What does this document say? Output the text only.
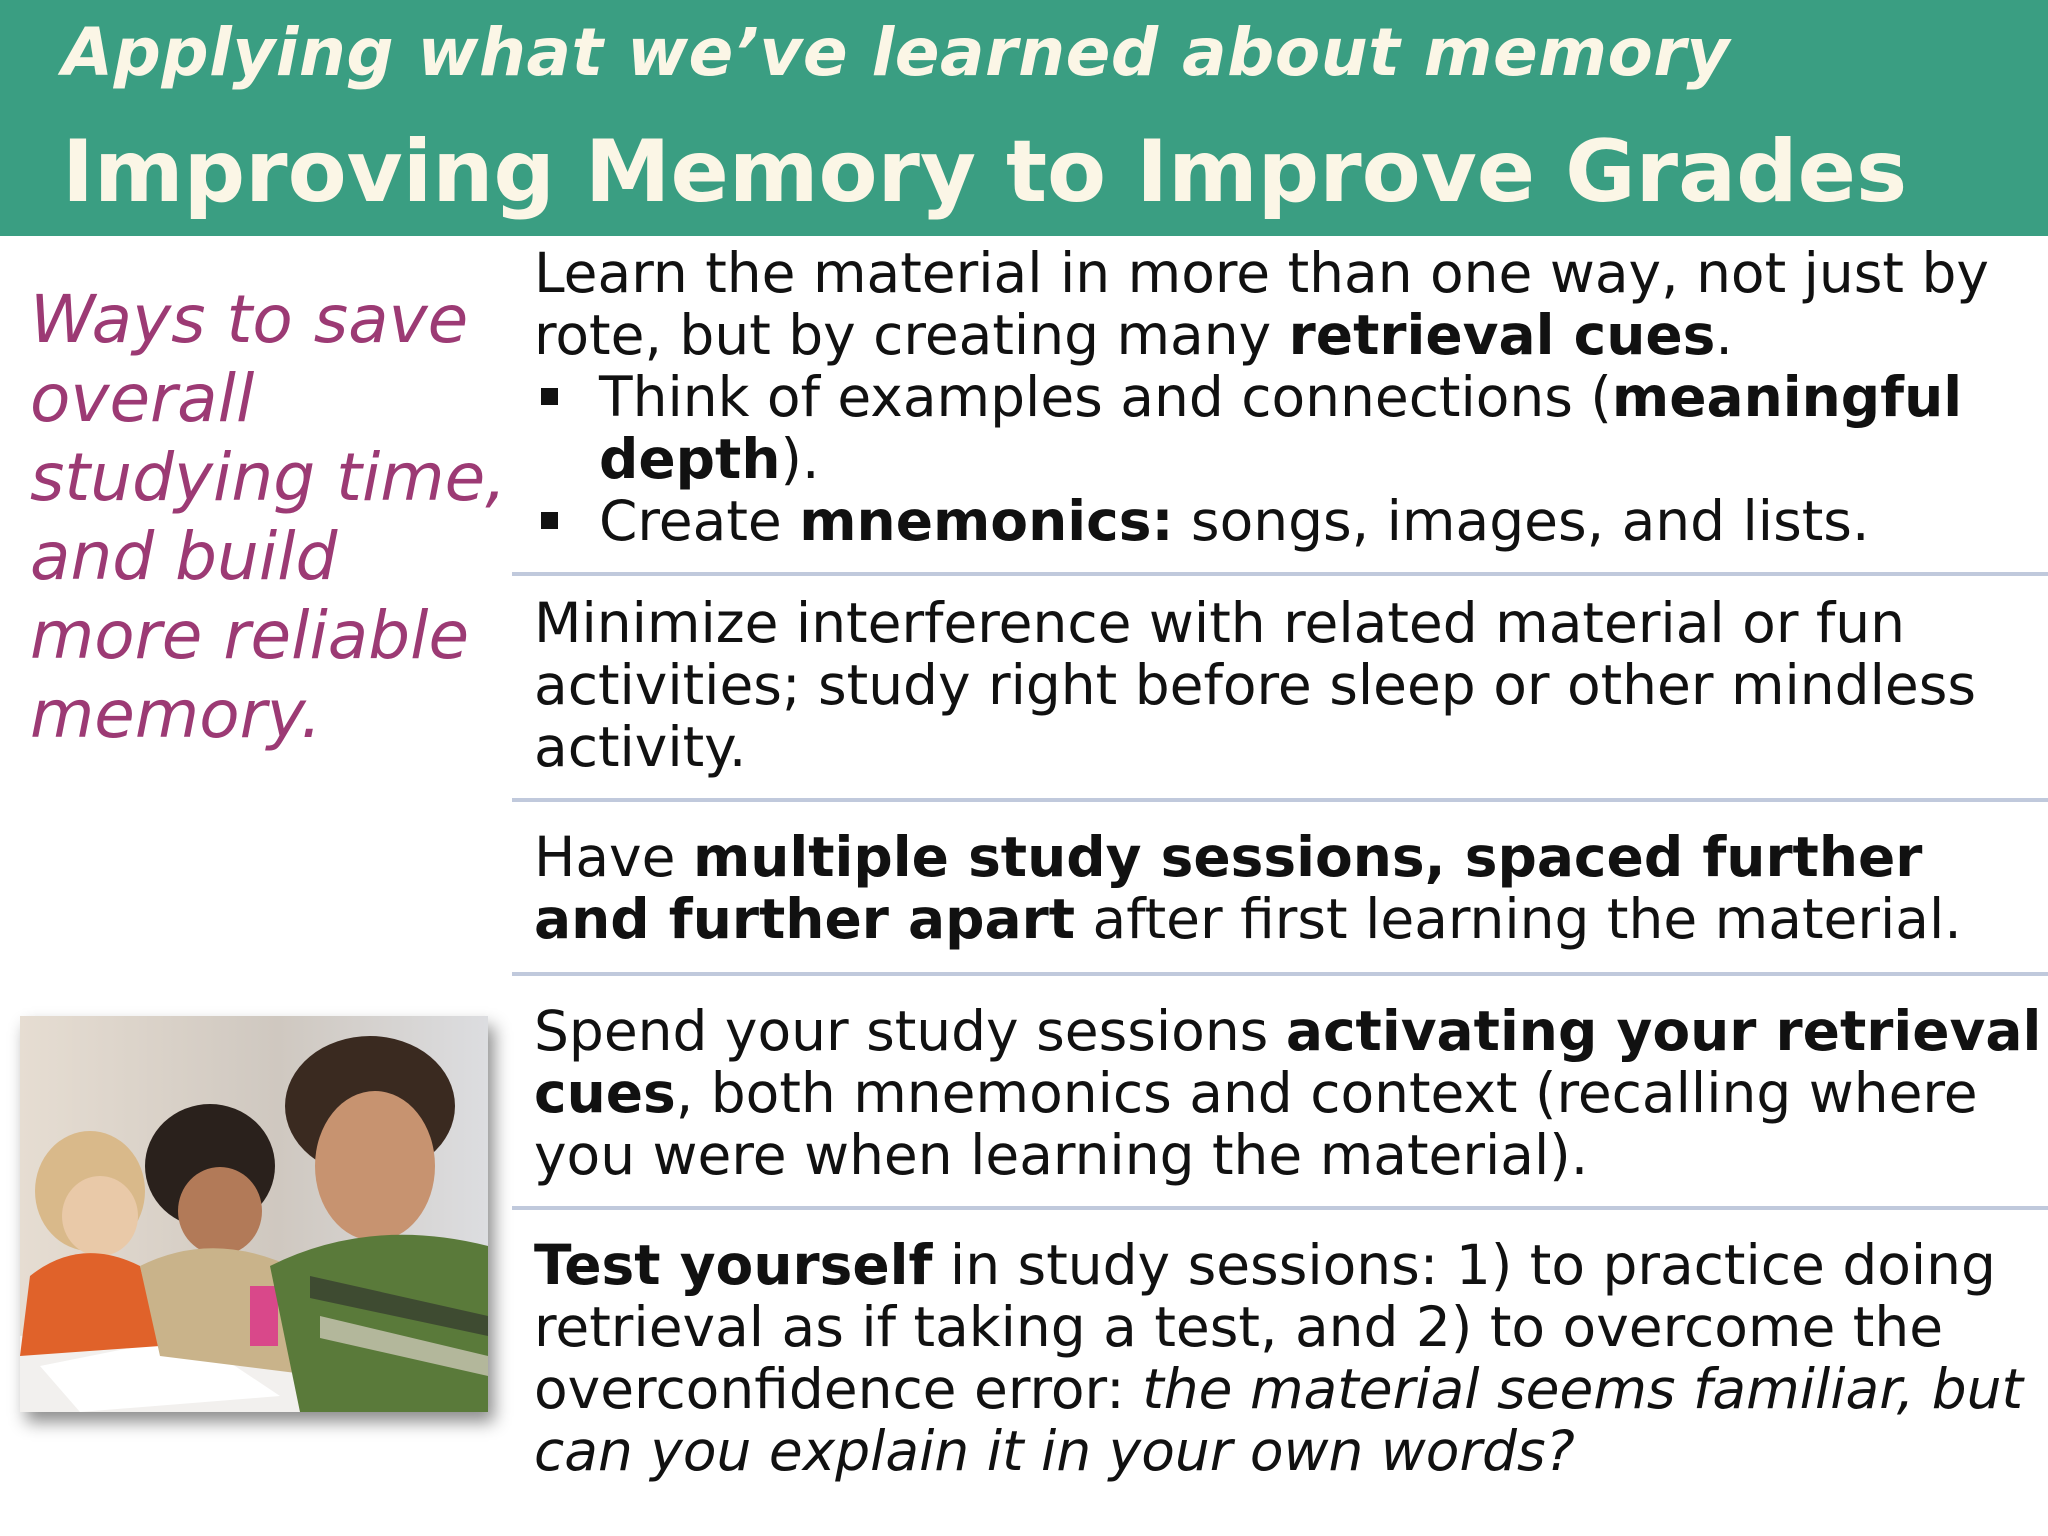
Applying what we’ve learned about memory
Improving Memory to Improve Grades
Ways to save overall studying time, and build more reliable memory.
Learn the material in more than one way, not just by rote, but by creating many retrieval cues.
Think of examples and connections (meaningful depth).
Create mnemonics: songs, images, and lists.
Minimize interference with related material or fun activities; study right before sleep or other mindless activity.
Have multiple study sessions, spaced further and further apart after first learning the material.
Spend your study sessions activating your retrieval cues, both mnemonics and context (recalling where you were when learning the material).
Test yourself in study sessions: 1) to practice doing retrieval as if taking a test, and 2) to overcome the overconfidence error: the material seems familiar, but can you explain it in your own words?
